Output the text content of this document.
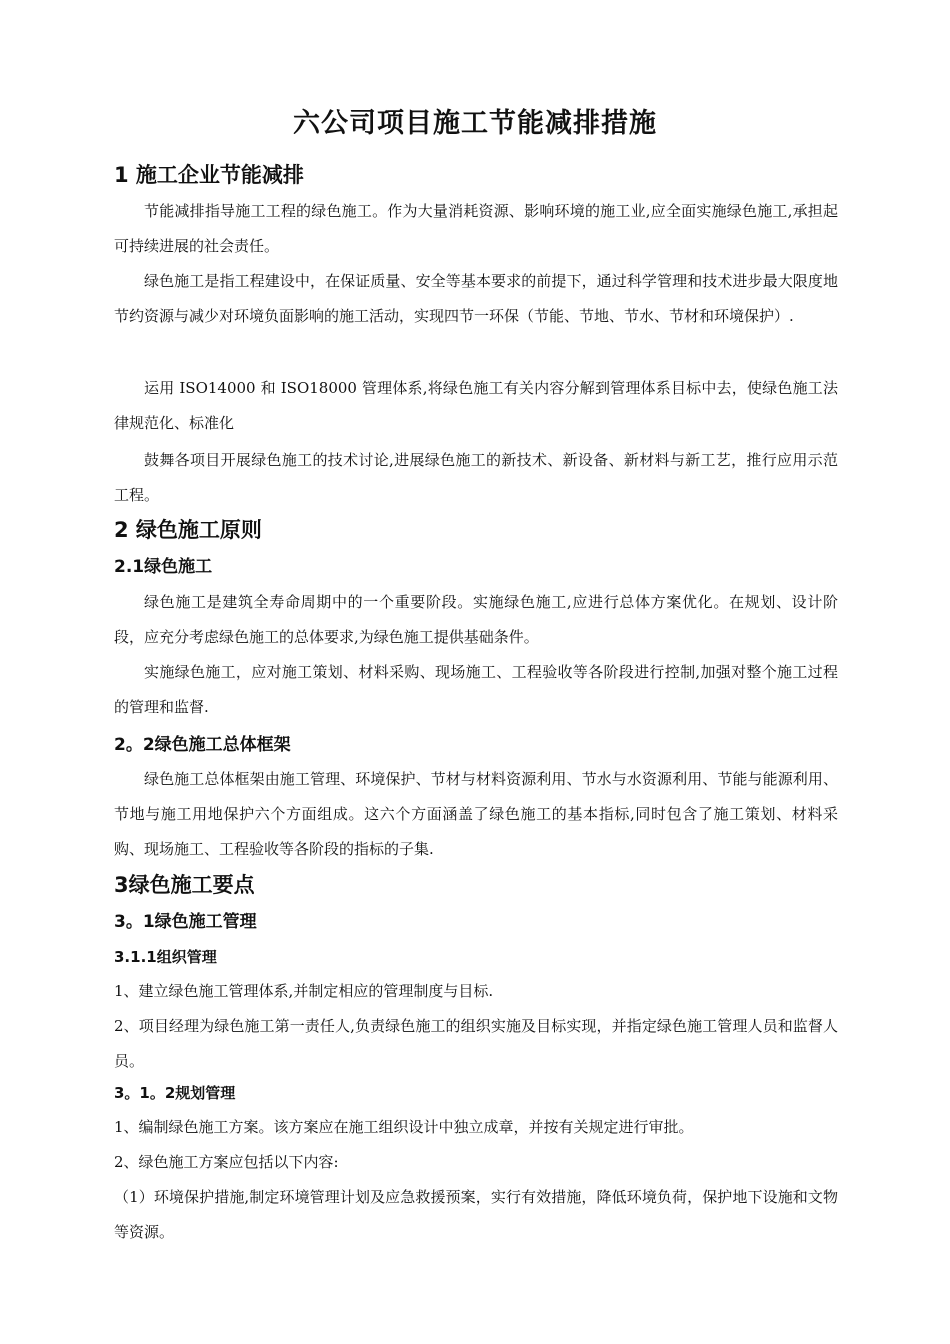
六公司项目施工节能减排措施
1 施工企业节能减排
节能减排指导施工工程的绿色施工。作为大量消耗资源、影响环境的施工业,应全面实施绿色施工,承担起可持续进展的社会责任。
绿色施工是指工程建设中，在保证质量、安全等基本要求的前提下，通过科学管理和技术进步最大限度地节约资源与减少对环境负面影响的施工活动，实现四节一环保（节能、节地、节水、节材和环境保护）.
运用 ISO14000 和 ISO18000 管理体系,将绿色施工有关内容分解到管理体系目标中去，使绿色施工法律规范化、标准化
鼓舞各项目开展绿色施工的技术讨论,进展绿色施工的新技术、新设备、新材料与新工艺，推行应用示范工程。
2 绿色施工原则
2.1绿色施工
绿色施工是建筑全寿命周期中的一个重要阶段。实施绿色施工,应进行总体方案优化。在规划、设计阶段，应充分考虑绿色施工的总体要求,为绿色施工提供基础条件。
实施绿色施工，应对施工策划、材料采购、现场施工、工程验收等各阶段进行控制,加强对整个施工过程的管理和监督.
2。2绿色施工总体框架
绿色施工总体框架由施工管理、环境保护、节材与材料资源利用、节水与水资源利用、节能与能源利用、节地与施工用地保护六个方面组成。这六个方面涵盖了绿色施工的基本指标,同时包含了施工策划、材料采购、现场施工、工程验收等各阶段的指标的子集.
3绿色施工要点
3。1绿色施工管理
3.1.1组织管理
1、建立绿色施工管理体系,并制定相应的管理制度与目标.
2、项目经理为绿色施工第一责任人,负责绿色施工的组织实施及目标实现，并指定绿色施工管理人员和监督人员。
3。1。2规划管理
1、编制绿色施工方案。该方案应在施工组织设计中独立成章，并按有关规定进行审批。
2、绿色施工方案应包括以下内容:
（1）环境保护措施,制定环境管理计划及应急救援预案，实行有效措施，降低环境负荷，保护地下设施和文物等资源。
